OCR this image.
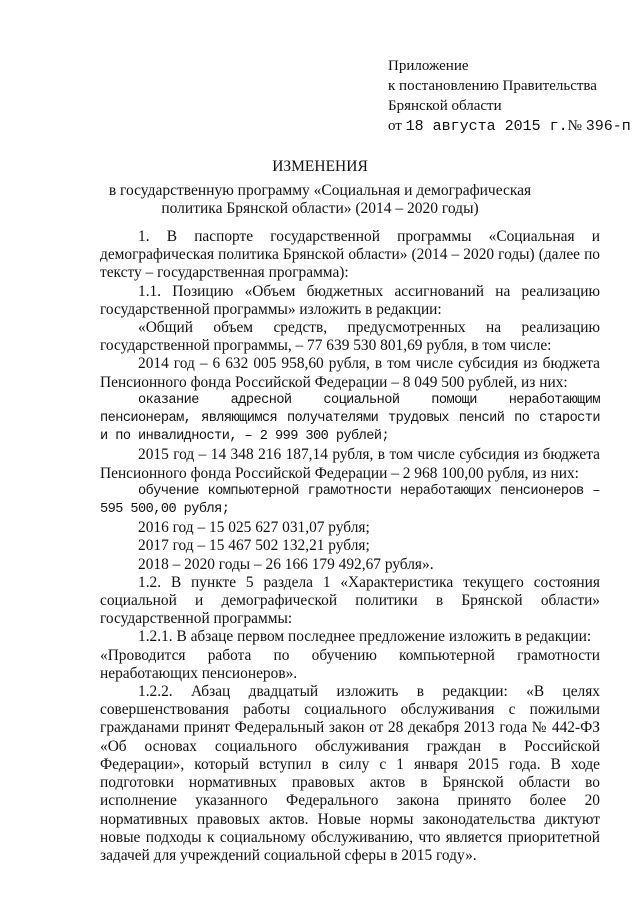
Приложение
к постановлению Правительства
Брянской области
от 18 августа 2015 г.№ 396-п
ИЗМЕНЕНИЯ
в государственную программу «Социальная и демографическая
политика Брянской области» (2014 – 2020 годы)

1. В паспорте государственной программы «Социальная и демографическая политика Брянской области» (2014 – 2020 годы) (далее по тексту – государственная программа):

1.1. Позицию «Объем бюджетных ассигнований на реализацию государственной программы» изложить в редакции:

«Общий объем средств, предусмотренных на реализацию государственной программы, – 77 639 530 801,69 рубля, в том числе:

2014 год – 6 632 005 958,60 рубля, в том числе субсидия из бюджета Пенсионного фонда Российской Федерации – 8 049 500 рублей, из них:

оказание адресной социальной помощи неработающим пенсионерам, являющимся получателями трудовых пенсий по старости и по инвалидности, – 2 999 300 рублей;

2015 год – 14 348 216 187,14 рубля, в том числе субсидия из бюджета Пенсионного фонда Российской Федерации – 2 968 100,00 рубля, из них:

обучение компьютерной грамотности неработающих пенсионеров – 595 500,00 рубля;

2016 год – 15 025 627 031,07 рубля;

2017 год – 15 467 502 132,21 рубля;

2018 – 2020 годы – 26 166 179 492,67 рубля».

1.2. В пункте 5 раздела 1 «Характеристика текущего состояния социальной и демографической политики в Брянской области» государственной программы:

1.2.1. В абзаце первом последнее предложение изложить в редакции:

«Проводится работа по обучению компьютерной грамотности неработающих пенсионеров».

1.2.2. Абзац двадцатый изложить в редакции: «В целях совершенствования работы социального обслуживания с пожилыми гражданами принят Федеральный закон от 28 декабря 2013 года № 442-ФЗ «Об основах социального обслуживания граждан в Российской Федерации», который вступил в силу с 1 января 2015 года. В ходе подготовки нормативных правовых актов в Брянской области во исполнение указанного Федерального закона принято более 20 нормативных правовых актов. Новые нормы законодательства диктуют новые подходы к социальному обслуживанию, что является приоритетной задачей для учреждений социальной сферы в 2015 году».
